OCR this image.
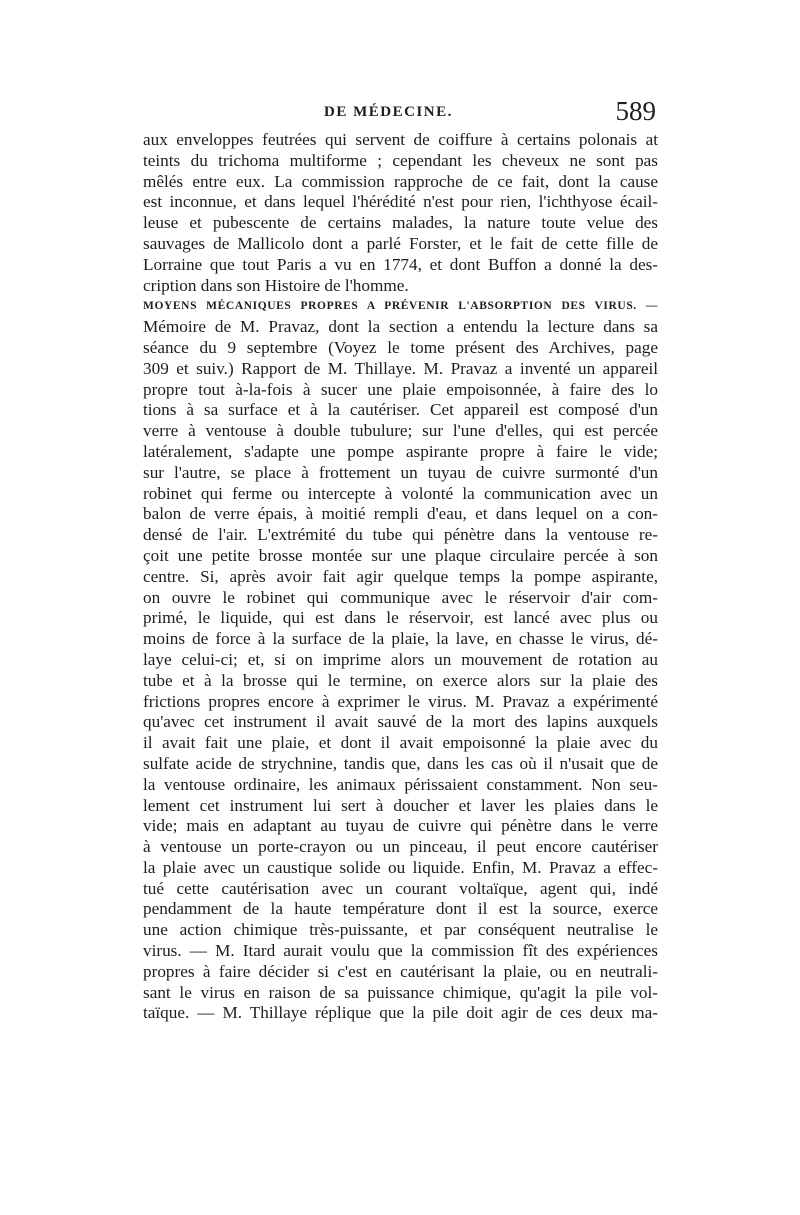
DE MÉDECINE.	589
aux enveloppes feutrées qui servent de coiffure à certains polonais at
teints du trichoma multiforme ; cependant les cheveux ne sont pas
mêlés entre eux. La commission rapproche de ce fait, dont la cause
est inconnue, et dans lequel l'hérédité n'est pour rien, l'ichthyose écail-
leuse et pubescente de certains malades, la nature toute velue des
sauvages de Mallicolo dont a parlé Forster, et le fait de cette fille de
Lorraine que tout Paris a vu en 1774, et dont Buffon a donné la des-
cription dans son Histoire de l'homme.
MOYENS MÉCANIQUES PROPRES A PRÉVENIR L'ABSORPTION DES VIRUS. —
Mémoire de M. Pravaz, dont la section a entendu la lecture dans sa
séance du 9 septembre (Voyez le tome présent des Archives, page
309 et suiv.) Rapport de M. Thillaye. M. Pravaz a inventé un appareil
propre tout à-la-fois à sucer une plaie empoisonnée, à faire des lo
tions à sa surface et à la cautériser. Cet appareil est composé d'un
verre à ventouse à double tubulure; sur l'une d'elles, qui est percée
latéralement, s'adapte une pompe aspirante propre à faire le vide;
sur l'autre, se place à frottement un tuyau de cuivre surmonté d'un
robinet qui ferme ou intercepte à volonté la communication avec un
balon de verre épais, à moitié rempli d'eau, et dans lequel on a con-
densé de l'air. L'extrémité du tube qui pénètre dans la ventouse re-
çoit une petite brosse montée sur une plaque circulaire percée à son
centre. Si, après avoir fait agir quelque temps la pompe aspirante,
on ouvre le robinet qui communique avec le réservoir d'air com-
primé, le liquide, qui est dans le réservoir, est lancé avec plus ou
moins de force à la surface de la plaie, la lave, en chasse le virus, dé-
laye celui-ci; et, si on imprime alors un mouvement de rotation au
tube et à la brosse qui le termine, on exerce alors sur la plaie des
frictions propres encore à exprimer le virus. M. Pravaz a expérimenté
qu'avec cet instrument il avait sauvé de la mort des lapins auxquels
il avait fait une plaie, et dont il avait empoisonné la plaie avec du
sulfate acide de strychnine, tandis que, dans les cas où il n'usait que de
la ventouse ordinaire, les animaux périssaient constamment. Non seu-
lement cet instrument lui sert à doucher et laver les plaies dans le
vide; mais en adaptant au tuyau de cuivre qui pénètre dans le verre
à ventouse un porte-crayon ou un pinceau, il peut encore cautériser
la plaie avec un caustique solide ou liquide. Enfin, M. Pravaz a effec-
tué cette cautérisation avec un courant voltaïque, agent qui, indé
pendamment de la haute température dont il est la source, exerce
une action chimique très-puissante, et par conséquent neutralise le
virus. — M. Itard aurait voulu que la commission fît des expériences
propres à faire décider si c'est en cautérisant la plaie, ou en neutrali-
sant le virus en raison de sa puissance chimique, qu'agit la pile vol-
taïque. — M. Thillaye réplique que la pile doit agir de ces deux ma-
